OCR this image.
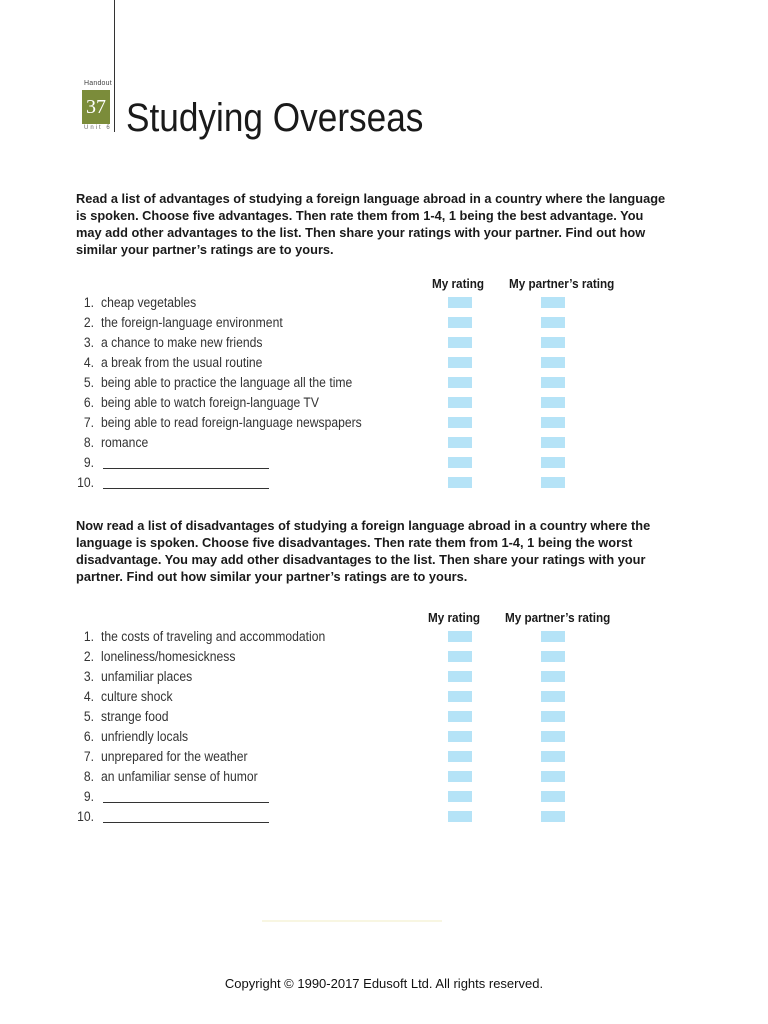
Handout
37
Unit 6 Studying Overseas

Read a list of advantages of studying a foreign language abroad in a country where the language is spoken. Choose five advantages. Then rate them from 1-4, 1 being the best advantage. You may add other advantages to the list. Then share your ratings with your partner. Find out how similar your partner’s ratings are to yours.

My rating My partner’s rating
1. cheap vegetables
2. the foreign-language environment
3. a chance to make new friends
4. a break from the usual routine
5. being able to practice the language all the time
6. being able to watch foreign-language TV
7. being able to read foreign-language newspapers
8. romance
9.
10.

Now read a list of disadvantages of studying a foreign language abroad in a country where the language is spoken. Choose five disadvantages. Then rate them from 1-4, 1 being the worst disadvantage. You may add other disadvantages to the list. Then share your ratings with your partner. Find out how similar your partner’s ratings are to yours.

My rating My partner’s rating
1. the costs of traveling and accommodation
2. loneliness/homesickness
3. unfamiliar places
4. culture shock
5. strange food
6. unfriendly locals
7. unprepared for the weather
8. an unfamiliar sense of humor
9.
10.
Copyright © 1990-2017 Edusoft Ltd. All rights reserved.
